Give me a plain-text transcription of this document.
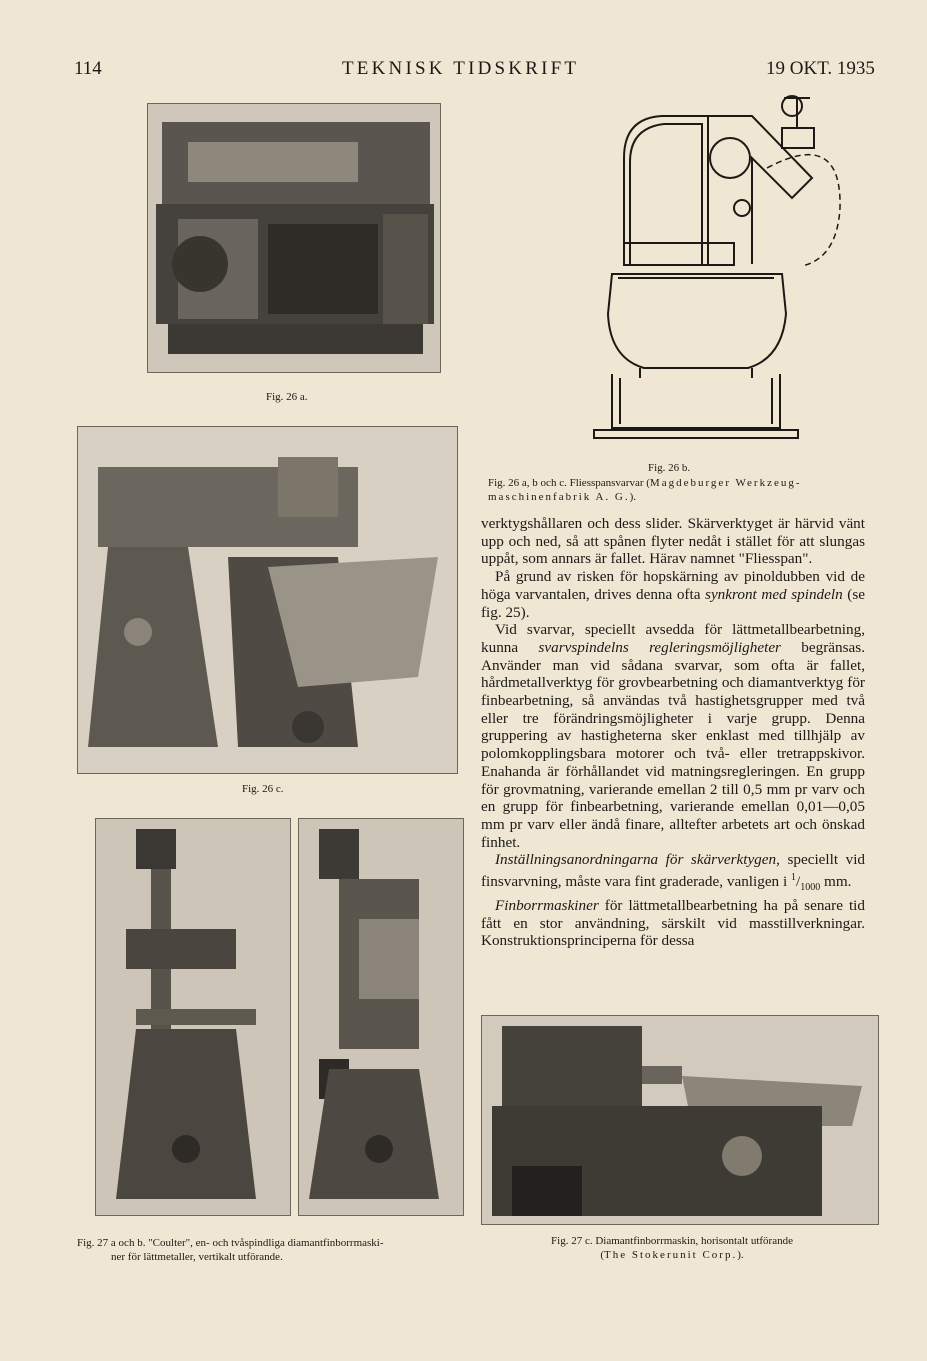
114	TEKNISK TIDSKRIFT	19 OKT. 1935
Fig. 26 a.
Fig. 26 b.
Fig. 26 a, b och c. Fliesspansvarvar (Magdeburger Werkzeug-maschinenfabrik A. G.).
Fig. 26 c.
Fig. 27 a och b. "Coulter", en- och tvåspindliga diamantfinborrmaski-
ner för lättmetaller, vertikalt utförande.
Fig. 27 c. Diamantfinborrmaskin, horisontalt utförande
(The Stokerunit Corp.).

verktygshållaren och dess slider. Skärverktyget är härvid vänt upp och ned, så att spånen flyter nedåt i stället för att slungas uppåt, som annars är fallet. Härav namnet "Fliesspan".

På grund av risken för hopskärning av pinoldubben vid de höga varvantalen, drives denna ofta synkront med spindeln (se fig. 25).

Vid svarvar, speciellt avsedda för lättmetallbearbetning, kunna svarvspindelns regleringsmöjligheter begränsas. Använder man vid sådana svarvar, som ofta är fallet, hårdmetallverktyg för grovbearbetning och diamantverktyg för finbearbetning, så användas två hastighetsgrupper med två eller tre förändringsmöjligheter i varje grupp. Denna gruppering av hastigheterna sker enklast med tillhjälp av polomkopplingsbara motorer och två- eller tretrappskivor. Enahanda är förhållandet vid matningsregleringen. En grupp för grovmatning, varierande emellan 2 till 0,5 mm pr varv och en grupp för finbearbetning, varierande emellan 0,01—0,05 mm pr varv eller ändå finare, alltefter arbetets art och önskad finhet.

Inställningsanordningarna för skärverktygen, speciellt vid finsvarvning, måste vara fint graderade, vanligen i $^1/_{1000}$ mm.

Finborrmaskiner för lättmetallbearbetning ha på senare tid fått en stor användning, särskilt vid masstillverkningar. Konstruktionsprinciperna för dessa
